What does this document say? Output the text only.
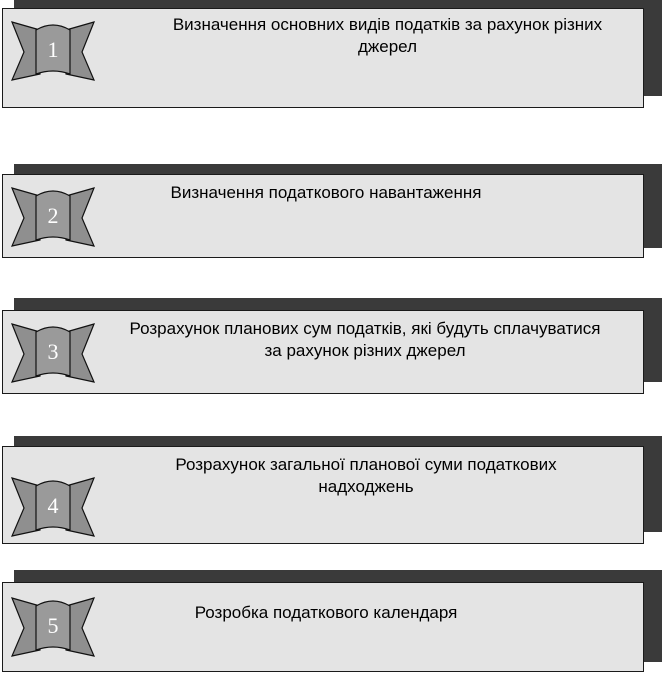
1
Визначення основних видів податків за рахунок різних
джерел
2
Визначення податкового навантаження
3
Розрахунок планових сум податків, які будуть сплачуватися
за рахунок різних джерел
4
Розрахунок загальної планової суми податкових
надходжень
5
Розробка податкового календаря
